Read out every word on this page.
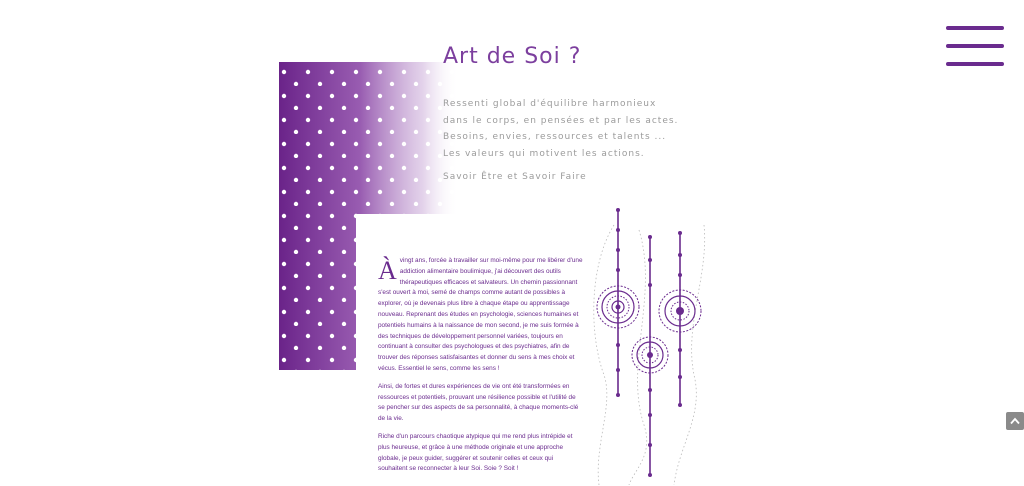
Art de Soi ?

Ressenti global d'équilibre harmonieux

dans le corps, en pensées et par les actes.

Besoins, envies, ressources et talents ...

Les valeurs qui motivent les actions.

Savoir Être et Savoir Faire

Àvingt ans, forcée à travailler sur moi-même pour me libérer d'une addiction alimentaire boulimique, j'ai découvert des outils thérapeutiques efficaces et salvateurs. Un chemin passionnant s'est ouvert à moi, semé de champs comme autant de possibles à explorer, où je devenais plus libre à chaque étape ou apprentissage nouveau. Reprenant des études en psychologie, sciences humaines et potentiels humains à la naissance de mon second, je me suis formée à des techniques de développement personnel variées, toujours en continuant à consulter des psychologues et des psychiatres, afin de trouver des réponses satisfaisantes et donner du sens à mes choix et vécus. Essentiel le sens, comme les sens !

Ainsi, de fortes et dures expériences de vie ont été transformées en ressources et potentiels, prouvant une résilience possible et l'utilité de se pencher sur des aspects de sa personnalité, à chaque moments-clé de la vie.

Riche d'un parcours chaotique atypique qui me rend plus intrépide et plus heureuse, et grâce à une méthode originale et une approche globale, je peux guider, suggérer et soutenir celles et ceux qui souhaitent se reconnecter à leur Soi. Soie ? Soit !
